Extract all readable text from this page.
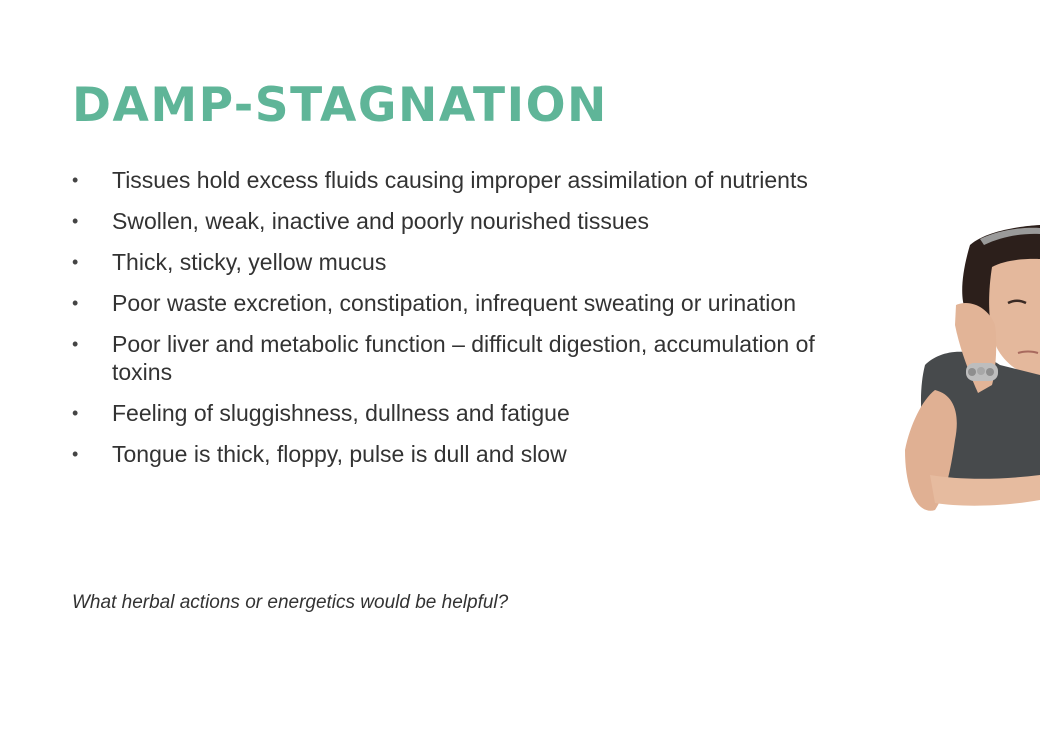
DAMP-STAGNATION
• Tissues hold excess fluids causing improper assimilation of nutrients
• Swollen, weak, inactive and poorly nourished tissues
• Thick, sticky, yellow mucus
• Poor waste excretion, constipation, infrequent sweating or urination
• Poor liver and metabolic function – difficult digestion, accumulation of toxins
• Feeling of sluggishness, dullness and fatigue
• Tongue is thick, floppy, pulse is dull and slow

What herbal actions or energetics would be helpful?
